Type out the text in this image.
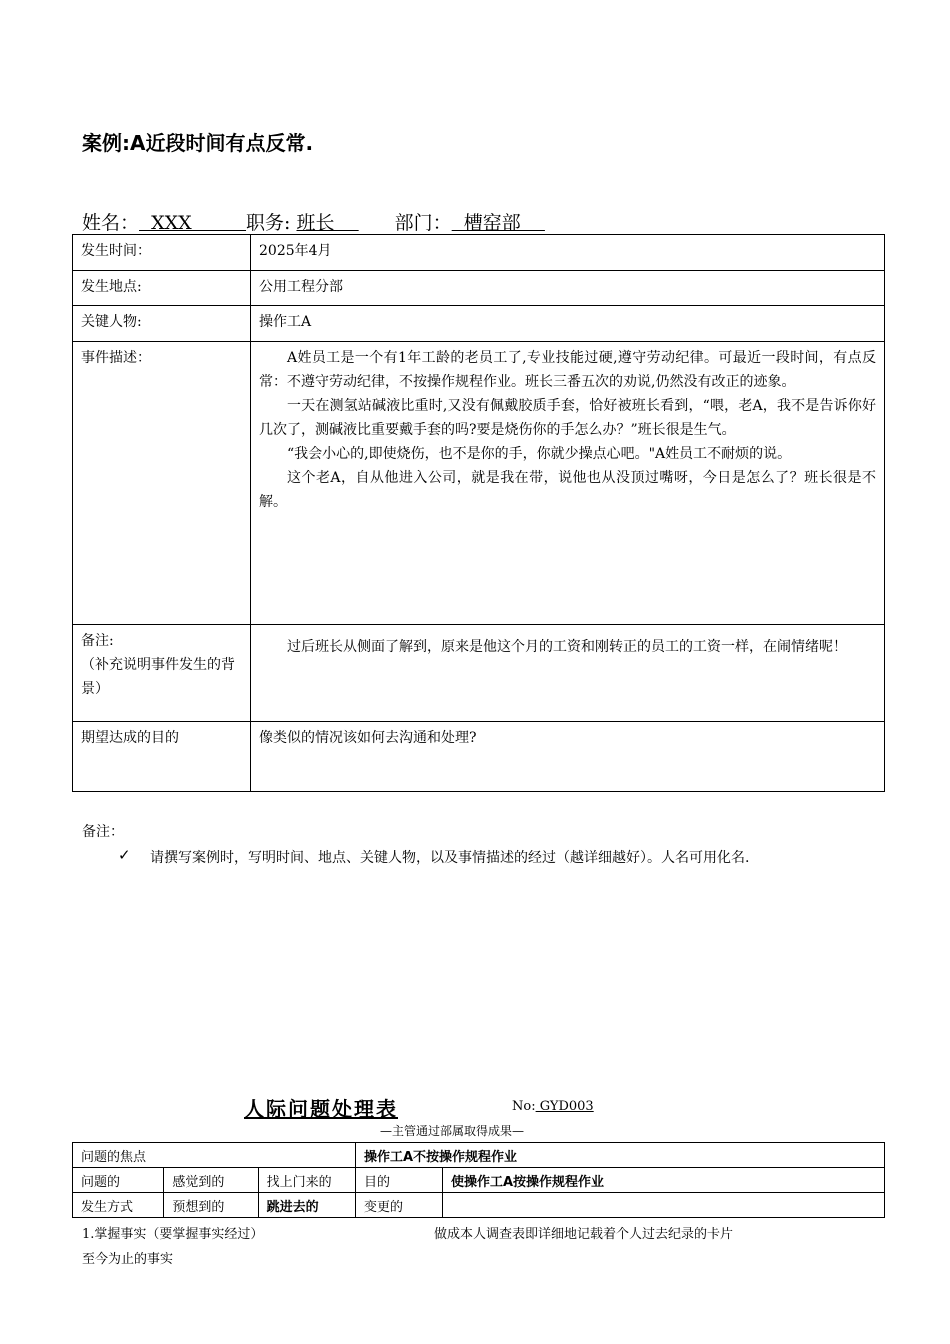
案例:A近段时间有点反常.
姓名：  XXX         职务: 班长    部门：  槽窑部
发生时间：	2025年4月
发生地点:	公用工程分部
关键人物:	操作工A
事件描述：	A姓员工是一个有1年工龄的老员工了,专业技能过硬,遵守劳动纪律。可最近一段时间，有点反常：不遵守劳动纪律，不按操作规程作业。班长三番五次的劝说,仍然没有改正的迹象。

一天在测氢站碱液比重时,又没有佩戴胶质手套，恰好被班长看到，“喂，老A，我不是告诉你好几次了，测碱液比重要戴手套的吗?要是烧伤你的手怎么办？”班长很是生气。

“我会小心的,即使烧伤，也不是你的手，你就少操点心吧。"A姓员工不耐烦的说。

这个老A，自从他进入公司，就是我在带，说他也从没顶过嘴呀，今日是怎么了？班长很是不解。

备注:
（补充说明事件发生的背景）	过后班长从侧面了解到，原来是他这个月的工资和刚转正的员工的工资一样，在闹情绪呢！

期望达成的目的	像类似的情况该如何去沟通和处理?
备注：
✓ 请撰写案例时，写明时间、地点、关键人物，以及事情描述的经过（越详细越好）。人名可用化名.
人际问题处理表	No: GYD003
—主管通过部属取得成果—
问题的焦点			操作工A不按操作规程作业	
问题的	感觉到的	找上门来的	目的	使操作工A按操作规程作业
发生方式	预想到的	跳进去的	变更的	
1.掌握事实（要掌握事实经过）	做成本人调查表即详细地记载着个人过去纪录的卡片
至今为止的事实
